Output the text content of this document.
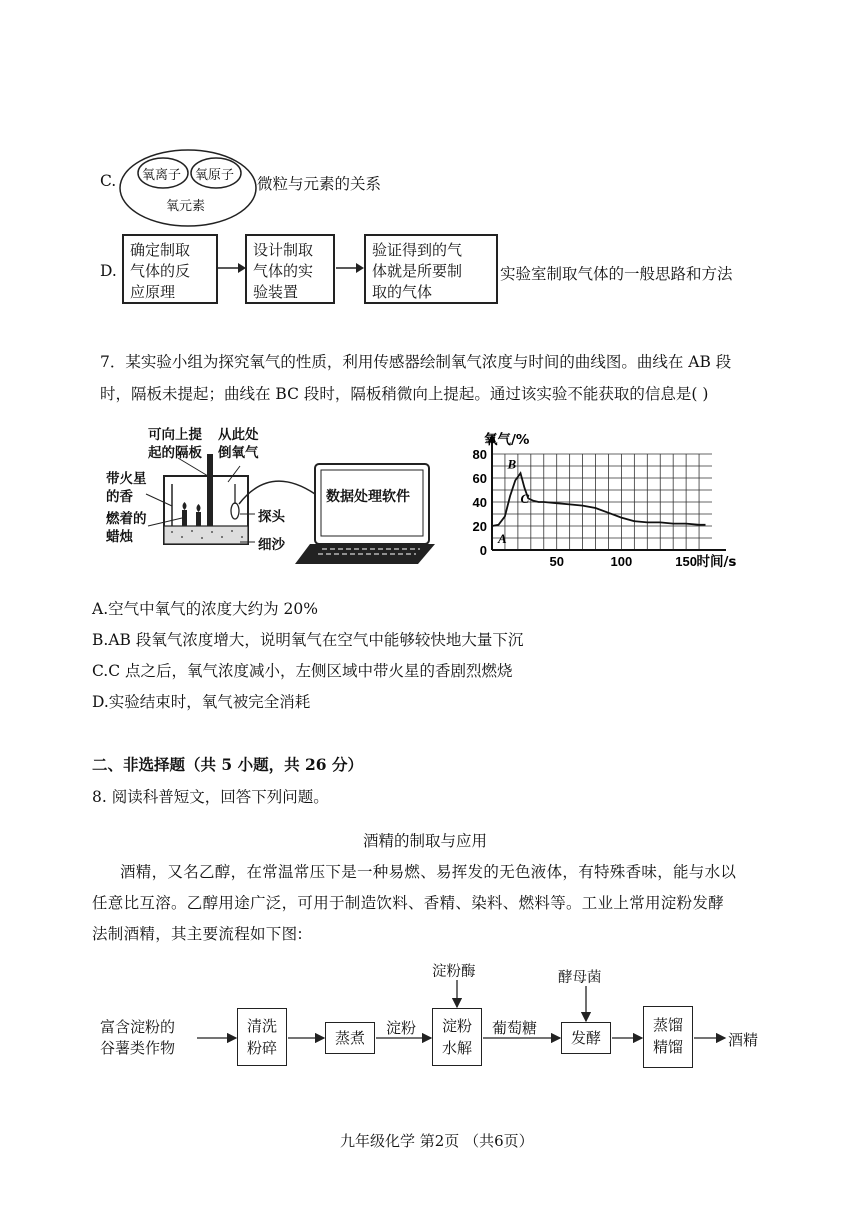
C. 氧离子 氧原子
氧元素
微粒与元素的关系
D.
确定制取
气体的反
应原理
设计制取
气体的实
验装置
验证得到的气
体就是所要制
取的气体
实验室制取气体的一般思路和方法
7．某实验小组为探究氧气的性质，利用传感器绘制氧气浓度与时间的曲线图。曲线在 AB 段
时，隔板未提起；曲线在 BC 段时，隔板稍微向上提起。通过该实验不能获取的信息是( )
可向上提
起的隔板
从此处
倒氧气
带火星
的香
燃着的
蜡烛
探头
细沙
数据处理软件
0
20
40
60
80
50	100	150
氧气/%
时间/s
A
B
C
A.空气中氧气的浓度大约为 20%
B.AB 段氧气浓度增大，说明氧气在空气中能够较快地大量下沉
C.C 点之后，氧气浓度减小，左侧区域中带火星的香剧烈燃烧
D.实验结束时，氧气被完全消耗
二、非选择题（共 5 小题，共 26 分）
8. 阅读科普短文，回答下列问题。
酒精的制取与应用
酒精，又名乙醇，在常温常压下是一种易燃、易挥发的无色液体，有特殊香味，能与水以
任意比互溶。乙醇用途广泛，可用于制造饮料、香精、染料、燃料等。工业上常用淀粉发酵
法制酒精，其主要流程如下图:
富含淀粉的
谷薯类作物
清洗
粉碎
蒸煮
淀粉
淀粉酶
淀粉
水解
葡萄糖
酵母菌
发酵
蒸馏
精馏	酒精
九年级化学 第2页 （共6页）
